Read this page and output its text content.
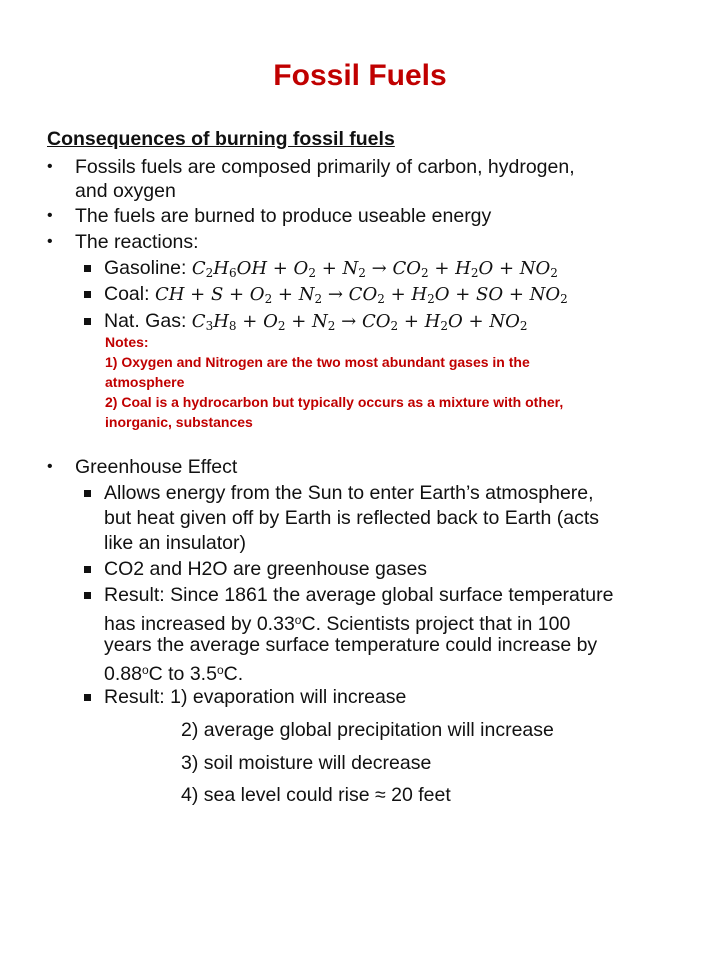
Fossil Fuels
Consequences of burning fossil fuels
• Fossils fuels are composed primarily of carbon, hydrogen,
and oxygen
• The fuels are burned to produce useable energy
• The reactions:
Gasoline: $C_2H_6OH + O_2 + N_2 \to CO_2 + H_2O + NO_2$
Coal: CH + $S + O_2 + N_2 \to CO_2 + H_2O$ + SO + $NO_2$
Nat. Gas: $C_3H_8 + O_2 + N_2 \to CO_2 + H_2O + NO_2$
Notes:
1) Oxygen and Nitrogen are the two most abundant gases in the
atmosphere
2) Coal is a hydrocarbon but typically occurs as a mixture with other,
inorganic, substances
• Greenhouse Effect
Allows energy from the Sun to enter Earth’s atmosphere,
but heat given off by Earth is reflected back to Earth (acts
like an insulator)
CO2 and H2O are greenhouse gases
Result: Since 1861 the average global surface temperature
has increased by 0.33$^o$C. Scientists project that in 100
years the average surface temperature could increase by
0.88$^o$C to 3.5$^o$C.
Result: 1) evaporation will increase
2) average global precipitation will increase
3) soil moisture will decrease
4) sea level could rise ≈ 20 feet
